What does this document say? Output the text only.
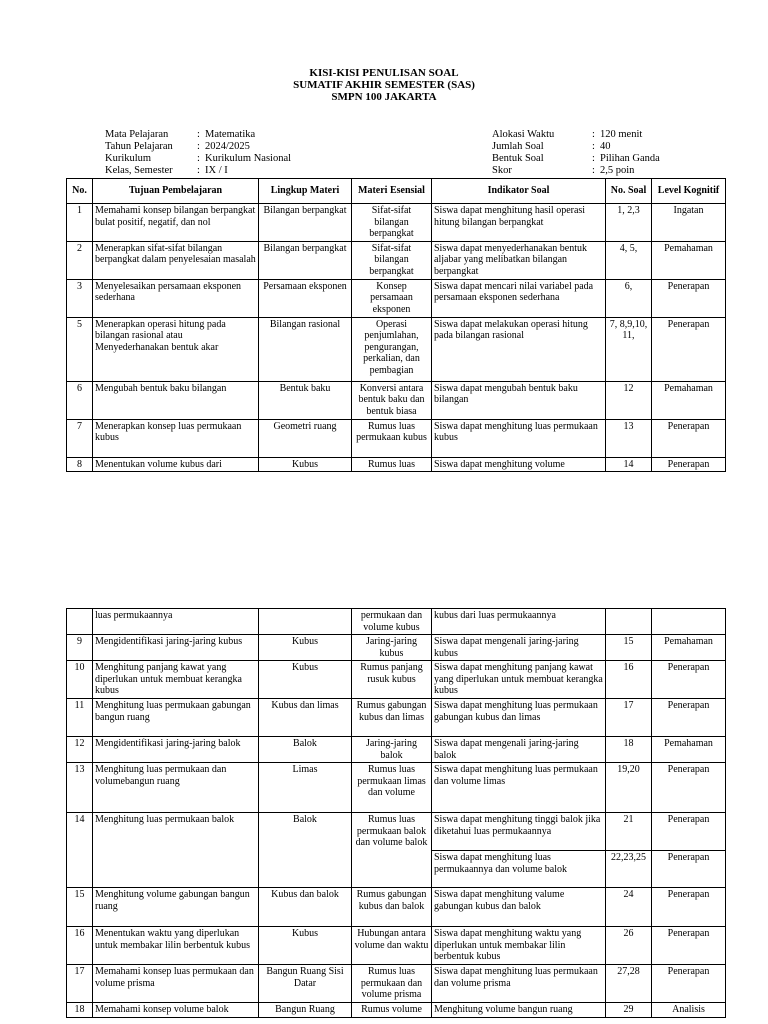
KISI-KISI PENULISAN SOAL
SUMATIF AKHIR SEMESTER (SAS)
SMPN 100 JAKARTA
Mata Pelajaran	: Matematika
Tahun Pelajaran	: 2024/2025
Kurikulum	: Kurikulum Nasional
Kelas, Semester	: IX / I
Alokasi Waktu	: 120 menit
Jumlah Soal	: 40
Bentuk Soal	: Pilihan Ganda
Skor	: 2,5 poin
No.	Tujuan Pembelajaran	Lingkup Materi	Materi Esensial	Indikator Soal	No. Soal	Level Kognitif
1	Memahami konsep bilangan berpangkat bulat positif, negatif, dan nol	Bilangan berpangkat	Sifat-sifat bilangan berpangkat	Siswa dapat menghitung hasil operasi hitung bilangan berpangkat	1, 2,3	Ingatan
2	Menerapkan sifat-sifat bilangan berpangkat dalam penyelesaian masalah	Bilangan berpangkat	Sifat-sifat bilangan berpangkat	Siswa dapat menyederhanakan bentuk aljabar yang melibatkan bilangan berpangkat	4, 5,	Pemahaman
3	Menyelesaikan persamaan eksponen sederhana	Persamaan eksponen	Konsep persamaan eksponen	Siswa dapat mencari nilai variabel pada persamaan eksponen sederhana	6,	Penerapan
5	Menerapkan operasi hitung pada bilangan rasional atau Menyederhanakan bentuk akar	Bilangan rasional	Operasi penjumlahan, pengurangan, perkalian, dan pembagian	Siswa dapat melakukan operasi hitung pada bilangan rasional	7, 8,9,10, 11,	Penerapan
6	Mengubah bentuk baku bilangan	Bentuk baku	Konversi antara bentuk baku dan bentuk biasa	Siswa dapat mengubah bentuk baku bilangan	12	Pemahaman
7	Menerapkan konsep luas permukaan kubus	Geometri ruang	Rumus luas permukaan kubus	Siswa dapat menghitung luas permukaan kubus	13	Penerapan
8	Menentukan volume kubus dari	Kubus	Rumus luas	Siswa dapat menghitung volume	14	Penerapan
	luas permukaannya		permukaan dan volume kubus	kubus dari luas permukaannya		
9	Mengidentifikasi jaring-jaring kubus	Kubus	Jaring-jaring kubus	Siswa dapat mengenali jaring-jaring kubus	15	Pemahaman
10	Menghitung panjang kawat yang diperlukan untuk membuat kerangka kubus	Kubus	Rumus panjang rusuk kubus	Siswa dapat menghitung panjang kawat yang diperlukan untuk membuat kerangka kubus	16	Penerapan
11	Menghitung luas permukaan gabungan bangun ruang	Kubus dan limas	Rumus gabungan kubus dan limas	Siswa dapat menghitung luas permukaan gabungan kubus dan limas	17	Penerapan
12	Mengidentifikasi jaring-jaring balok	Balok	Jaring-jaring balok	Siswa dapat mengenali jaring-jaring balok	18	Pemahaman
13	Menghitung luas permukaan dan volumebangun ruang	Limas	Rumus luas permukaan limas dan volume	Siswa dapat menghitung luas permukaan dan volume limas	19,20	Penerapan
14	Menghitung luas permukaan balok	Balok	Rumus luas permukaan balok dan volume balok	Siswa dapat menghitung tinggi balok jika diketahui luas permukaannya	21	Penerapan
				Siswa dapat menghitung luas permukaannya dan volume balok	22,23,25	Penerapan
15	Menghitung volume gabungan bangun ruang	Kubus dan balok	Rumus gabungan kubus dan balok	Siswa dapat menghitung valume gabungan kubus dan balok	24	Penerapan
16	Menentukan waktu yang diperlukan untuk membakar lilin berbentuk kubus	Kubus	Hubungan antara volume dan waktu	Siswa dapat menghitung waktu yang diperlukan untuk membakar lilin berbentuk kubus	26	Penerapan
17	Memahami konsep luas permukaan dan volume prisma	Bangun Ruang Sisi Datar	Rumus luas permukaan dan volume prisma	Siswa dapat menghitung luas permukaan dan volume prisma	27,28	Penerapan
18	Memahami konsep volume balok	Bangun Ruang	Rumus volume	Menghitung volume bangun ruang	29	Analisis
